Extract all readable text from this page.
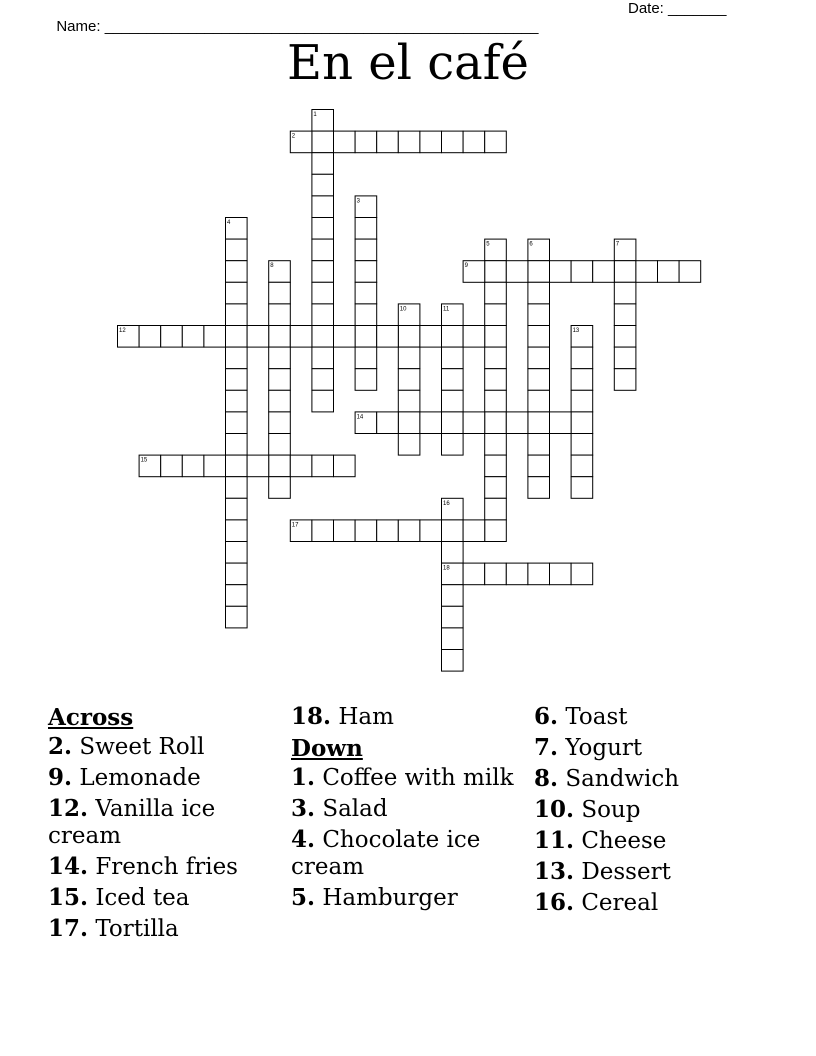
Name: ____________________________________________________

Date: _______

En el café
1
2
3
4
5	6	7
8	9
10	11
12	13
14
15
16
17
18
Across
2. Sweet Roll
9. Lemonade
12. Vanilla ice cream
14. French fries
15. Iced tea
17. Tortilla
18. Ham
Down
1. Coffee with milk
3. Salad
4. Chocolate ice cream
5. Hamburger
6. Toast
7. Yogurt
8. Sandwich
10. Soup
11. Cheese
13. Dessert
16. Cereal
